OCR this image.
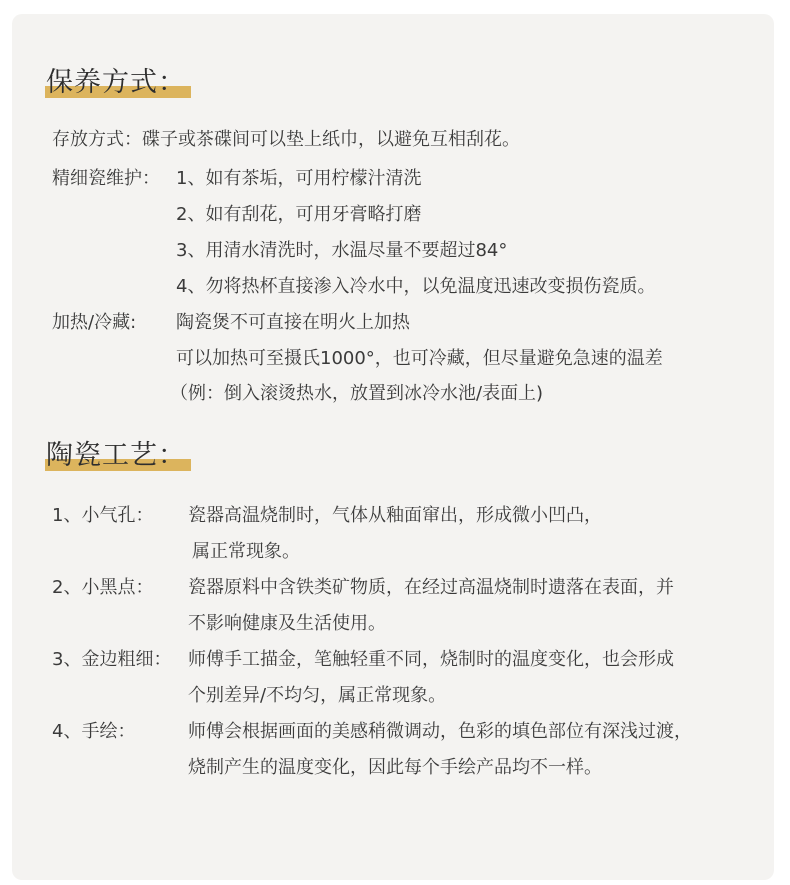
保养方式：
存放方式： 碟子或茶碟间可以垫上纸巾，以避免互相刮花。
精细瓷维护： 1、如有茶垢，可用柠檬汁清洗
2、如有刮花，可用牙膏略打磨
3、用清水清洗时，水温尽量不要超过84°
4、勿将热杯直接渗入冷水中，以免温度迅速改变损伤瓷质。
加热/冷藏: 陶瓷煲不可直接在明火上加热
可以加热可至摄氏1000°，也可冷藏，但尽量避免急速的温差
（例：倒入滚烫热水，放置到冰冷水池/表面上)
陶瓷工艺：
1、小气孔： 瓷器高温烧制时，气体从釉面窜出，形成微小凹凸，
属正常现象。
2、小黑点： 瓷器原料中含铁类矿物质，在经过高温烧制时遗落在表面，并
不影响健康及生活使用。
3、金边粗细： 师傅手工描金，笔触轻重不同，烧制时的温度变化，也会形成
个别差异/不均匀，属正常现象。
4、手绘：	师傅会根据画面的美感稍微调动，色彩的填色部位有深浅过渡，
烧制产生的温度变化，因此每个手绘产品均不一样。
